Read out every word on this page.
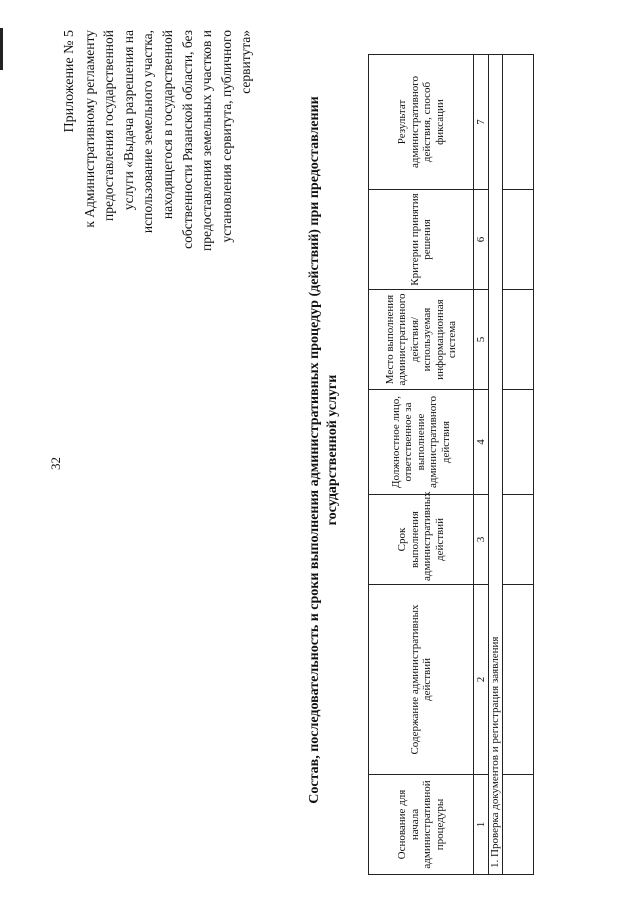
32
Приложение № 5 к Административному регламенту предоставления государственной услуги «Выдача разрешения на использование земельного участка, находящегося в государственной собственности Рязанской области, без предоставления земельных участков и установления сервитута, публичного сервитута»
Состав, последовательность и сроки выполнения административных процедур (действий) при предоставлении государственной услуги
Основание для начала административной процедуры	Содержание административных действий	Срок выполнения административных действий	Должностное лицо, ответственное за выполнение административного действия	Место выполнения административного действия/ используемая информационная система	Критерии принятия решения	Результат административного действия, способ фиксации
1	2	3	4	5	6	7
1. Проверка документов и регистрация заявления						
